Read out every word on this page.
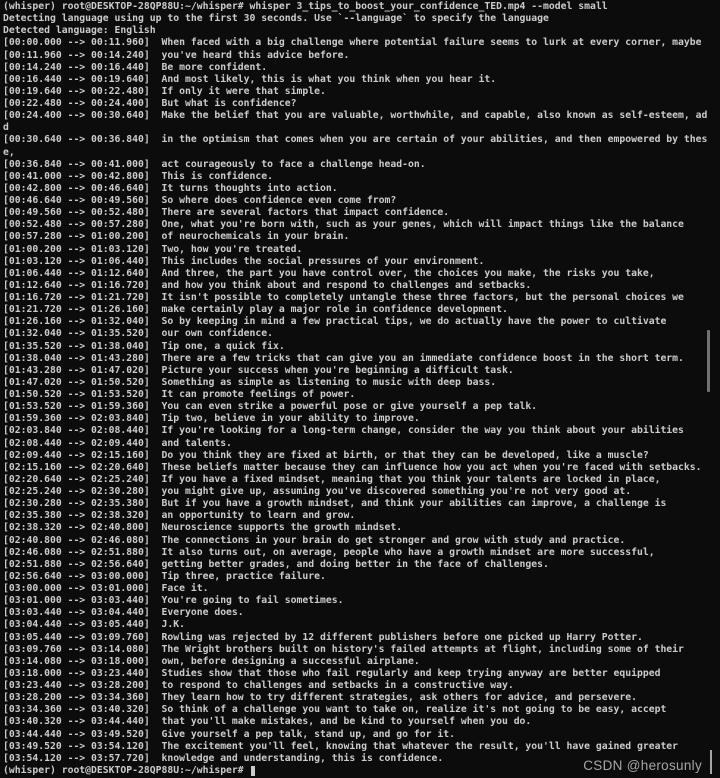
(whisper) root@DESKTOP-28QP88U:~/whisper# whisper 3_tips_to_boost_your_confidence_TED.mp4 --model small
Detecting language using up to the first 30 seconds. Use `--language` to specify the language
Detected language: English
[00:00.000 --> 00:11.960]  When faced with a big challenge where potential failure seems to lurk at every corner, maybe
[00:11.960 --> 00:14.240]  you've heard this advice before.
[00:14.240 --> 00:16.440]  Be more confident.
[00:16.440 --> 00:19.640]  And most likely, this is what you think when you hear it.
[00:19.640 --> 00:22.480]  If only it were that simple.
[00:22.480 --> 00:24.400]  But what is confidence?
[00:24.400 --> 00:30.640]  Make the belief that you are valuable, worthwhile, and capable, also known as self-esteem, ad
d
[00:30.640 --> 00:36.840]  in the optimism that comes when you are certain of your abilities, and then empowered by thes
e,
[00:36.840 --> 00:41.000]  act courageously to face a challenge head-on.
[00:41.000 --> 00:42.800]  This is confidence.
[00:42.800 --> 00:46.640]  It turns thoughts into action.
[00:46.640 --> 00:49.560]  So where does confidence even come from?
[00:49.560 --> 00:52.480]  There are several factors that impact confidence.
[00:52.480 --> 00:57.280]  One, what you're born with, such as your genes, which will impact things like the balance
[00:57.280 --> 01:00.200]  of neurochemicals in your brain.
[01:00.200 --> 01:03.120]  Two, how you're treated.
[01:03.120 --> 01:06.440]  This includes the social pressures of your environment.
[01:06.440 --> 01:12.640]  And three, the part you have control over, the choices you make, the risks you take,
[01:12.640 --> 01:16.720]  and how you think about and respond to challenges and setbacks.
[01:16.720 --> 01:21.720]  It isn't possible to completely untangle these three factors, but the personal choices we
[01:21.720 --> 01:26.160]  make certainly play a major role in confidence development.
[01:26.160 --> 01:32.040]  So by keeping in mind a few practical tips, we do actually have the power to cultivate
[01:32.040 --> 01:35.520]  our own confidence.
[01:35.520 --> 01:38.040]  Tip one, a quick fix.
[01:38.040 --> 01:43.280]  There are a few tricks that can give you an immediate confidence boost in the short term.
[01:43.280 --> 01:47.020]  Picture your success when you're beginning a difficult task.
[01:47.020 --> 01:50.520]  Something as simple as listening to music with deep bass.
[01:50.520 --> 01:53.520]  It can promote feelings of power.
[01:53.520 --> 01:59.360]  You can even strike a powerful pose or give yourself a pep talk.
[01:59.360 --> 02:03.840]  Tip two, believe in your ability to improve.
[02:03.840 --> 02:08.440]  If you're looking for a long-term change, consider the way you think about your abilities
[02:08.440 --> 02:09.440]  and talents.
[02:09.440 --> 02:15.160]  Do you think they are fixed at birth, or that they can be developed, like a muscle?
[02:15.160 --> 02:20.640]  These beliefs matter because they can influence how you act when you're faced with setbacks.
[02:20.640 --> 02:25.240]  If you have a fixed mindset, meaning that you think your talents are locked in place,
[02:25.240 --> 02:30.280]  you might give up, assuming you've discovered something you're not very good at.
[02:30.280 --> 02:35.380]  But if you have a growth mindset, and think your abilities can improve, a challenge is
[02:35.380 --> 02:38.320]  an opportunity to learn and grow.
[02:38.320 --> 02:40.800]  Neuroscience supports the growth mindset.
[02:40.800 --> 02:46.080]  The connections in your brain do get stronger and grow with study and practice.
[02:46.080 --> 02:51.880]  It also turns out, on average, people who have a growth mindset are more successful,
[02:51.880 --> 02:56.640]  getting better grades, and doing better in the face of challenges.
[02:56.640 --> 03:00.000]  Tip three, practice failure.
[03:00.000 --> 03:01.000]  Face it.
[03:01.000 --> 03:03.440]  You're going to fail sometimes.
[03:03.440 --> 03:04.440]  Everyone does.
[03:04.440 --> 03:05.440]  J.K.
[03:05.440 --> 03:09.760]  Rowling was rejected by 12 different publishers before one picked up Harry Potter.
[03:09.760 --> 03:14.080]  The Wright brothers built on history's failed attempts at flight, including some of their
[03:14.080 --> 03:18.000]  own, before designing a successful airplane.
[03:18.000 --> 03:23.440]  Studies show that those who fail regularly and keep trying anyway are better equipped
[03:23.440 --> 03:28.200]  to respond to challenges and setbacks in a constructive way.
[03:28.200 --> 03:34.360]  They learn how to try different strategies, ask others for advice, and persevere.
[03:34.360 --> 03:40.320]  So think of a challenge you want to take on, realize it's not going to be easy, accept
[03:40.320 --> 03:44.440]  that you'll make mistakes, and be kind to yourself when you do.
[03:44.440 --> 03:49.520]  Give yourself a pep talk, stand up, and go for it.
[03:49.520 --> 03:54.120]  The excitement you'll feel, knowing that whatever the result, you'll have gained greater
[03:54.120 --> 03:57.720]  knowledge and understanding, this is confidence.
(whisper) root@DESKTOP-28QP88U:~/whisper#	CSDN @herosunly
